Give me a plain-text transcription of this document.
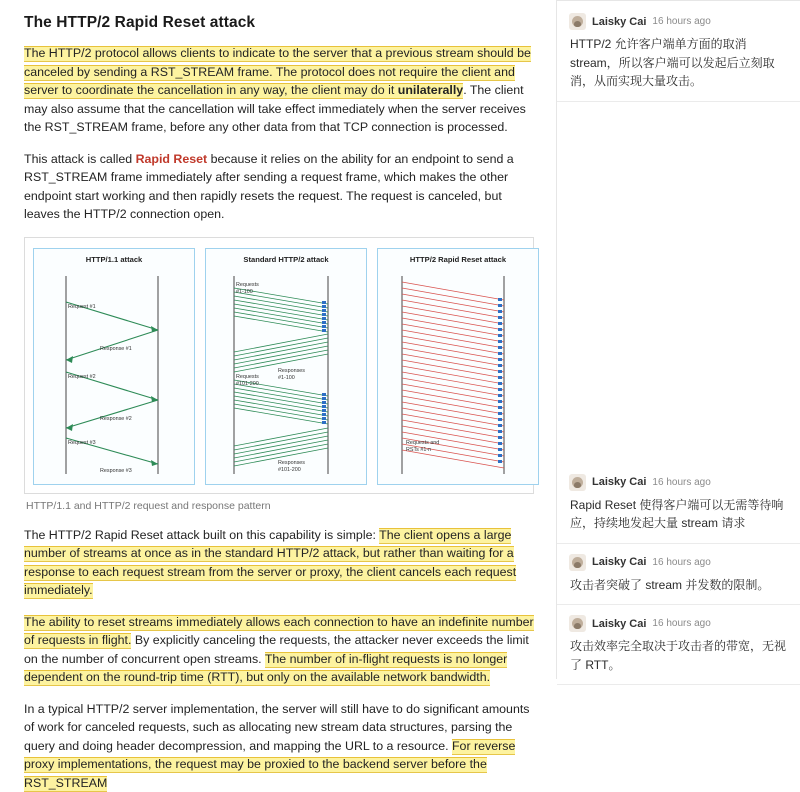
The HTTP/2 Rapid Reset attack

The HTTP/2 protocol allows clients to indicate to the server that a previous stream should be canceled by sending a RST_STREAM frame. The protocol does not require the client and server to coordinate the cancellation in any way, the client may do it unilaterally. The client may also assume that the cancellation will take effect immediately when the server receives the RST_STREAM frame, before any other data from that TCP connection is processed.

This attack is called Rapid Reset because it relies on the ability for an endpoint to send a RST_STREAM frame immediately after sending a request frame, which makes the other endpoint start working and then rapidly resets the request. The request is canceled, but leaves the HTTP/2 connection open.

HTTP/1.1 attack
Request #1
Response #1
Request #2
Response #2
Request #3
Response #3
Standard HTTP/2 attack
Requests
#1-100
Responses
#1-100
Requests
#101-200
Responses
#101-200
HTTP/2 Rapid Reset attack
Requests and
RSTs #1-n
HTTP/1.1 and HTTP/2 request and response pattern

The HTTP/2 Rapid Reset attack built on this capability is simple: The client opens a large number of streams at once as in the standard HTTP/2 attack, but rather than waiting for a response to each request stream from the server or proxy, the client cancels each request immediately.

The ability to reset streams immediately allows each connection to have an indefinite number of requests in flight. By explicitly canceling the requests, the attacker never exceeds the limit on the number of concurrent open streams. The number of in-flight requests is no longer dependent on the round-trip time (RTT), but only on the available network bandwidth.

In a typical HTTP/2 server implementation, the server will still have to do significant amounts of work for canceled requests, such as allocating new stream data structures, parsing the query and doing header decompression, and mapping the URL to a resource. For reverse proxy implementations, the request may be proxied to the backend server before the RST_STREAM

Laisky Cai 16 hours ago
HTTP/2 允许客户端单方面的取消 stream，所以客户端可以发起后立刻取消，从而实现大量攻击。
Laisky Cai 16 hours ago
Rapid Reset 使得客户端可以无需等待响应，持续地发起大量 stream 请求
Laisky Cai 16 hours ago
攻击者突破了 stream 并发数的限制。
Laisky Cai 16 hours ago
攻击效率完全取决于攻击者的带宽，无视了 RTT。
